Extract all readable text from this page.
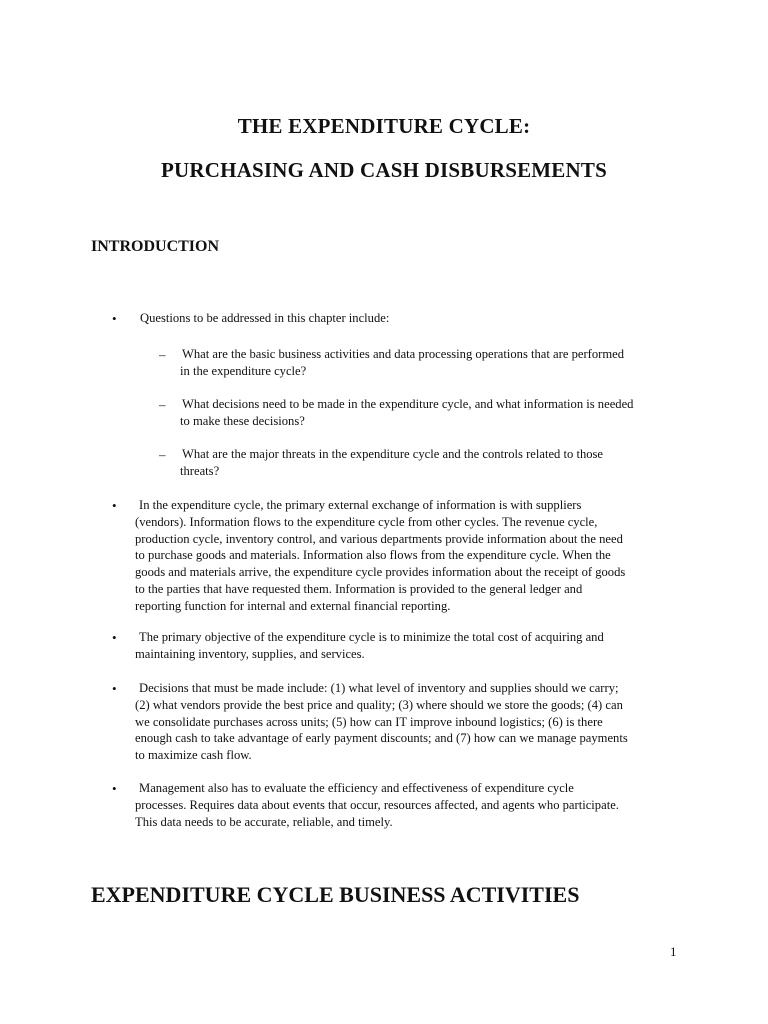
THE EXPENDITURE CYCLE:
PURCHASING AND CASH DISBURSEMENTS
INTRODUCTION
•	Questions to be addressed in this chapter include:
– What are the basic business activities and data processing operations that are performed
in the expenditure cycle?
– What decisions need to be made in the expenditure cycle, and what information is needed
to make these decisions?
– What are the major threats in the expenditure cycle and the controls related to those
threats?
•	In the expenditure cycle, the primary external exchange of information is with suppliers
(vendors). Information flows to the expenditure cycle from other cycles. The revenue cycle,
production cycle, inventory control, and various departments provide information about the need
to purchase goods and materials. Information also flows from the expenditure cycle. When the
goods and materials arrive, the expenditure cycle provides information about the receipt of goods
to the parties that have requested them. Information is provided to the general ledger and
reporting function for internal and external financial reporting.
•	The primary objective of the expenditure cycle is to minimize the total cost of acquiring and
maintaining inventory, supplies, and services.
•	Decisions that must be made include: (1) what level of inventory and supplies should we carry;
(2) what vendors provide the best price and quality; (3) where should we store the goods; (4) can
we consolidate purchases across units; (5) how can IT improve inbound logistics; (6) is there
enough cash to take advantage of early payment discounts; and (7) how can we manage payments
to maximize cash flow.
•	Management also has to evaluate the efficiency and effectiveness of expenditure cycle
processes. Requires data about events that occur, resources affected, and agents who participate.
This data needs to be accurate, reliable, and timely.
EXPENDITURE CYCLE BUSINESS ACTIVITIES
1
